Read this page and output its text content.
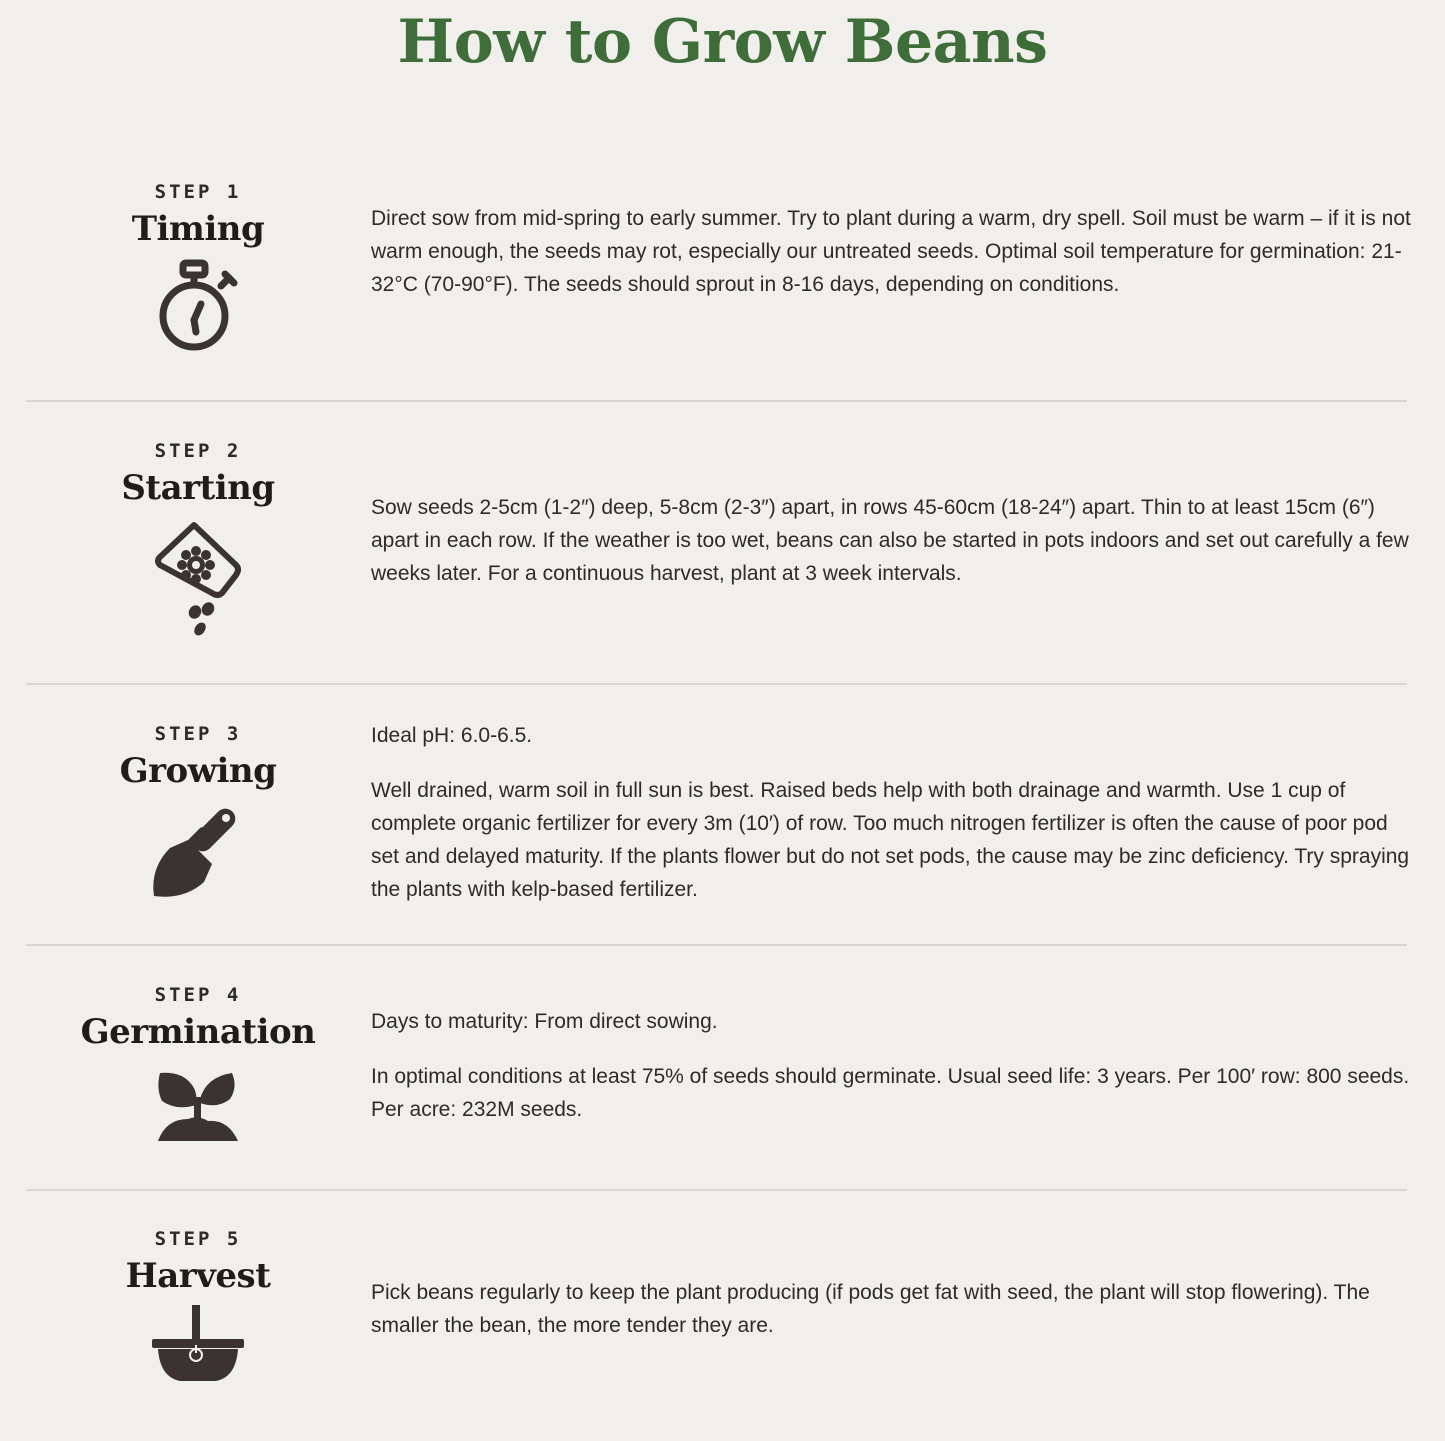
How to Grow Beans
STEP 1
Timing	Direct sow from mid-spring to early summer. Try to plant during a warm, dry spell. Soil must be warm – if it is not warm enough, the seeds may rot, especially our untreated seeds. Optimal soil temperature for germination: 21-32°C (70-90°F). The seeds should sprout in 8-16 days, depending on conditions.

STEP 2
Starting	Sow seeds 2-5cm (1-2″) deep, 5-8cm (2-3″) apart, in rows 45-60cm (18-24″) apart. Thin to at least 15cm (6″) apart in each row. If the weather is too wet, beans can also be started in pots indoors and set out carefully a few weeks later. For a continuous harvest, plant at 3 week intervals.

STEP 3
Growing

Ideal pH: 6.0-6.5.

Well drained, warm soil in full sun is best. Raised beds help with both drainage and warmth. Use 1 cup of complete organic fertilizer for every 3m (10′) of row. Too much nitrogen fertilizer is often the cause of poor pod set and delayed maturity. If the plants flower but do not set pods, the cause may be zinc deficiency. Try spraying the plants with kelp-based fertilizer.

STEP 4
Germination	Days to maturity: From direct sowing.

In optimal conditions at least 75% of seeds should germinate. Usual seed life: 3 years. Per 100′ row: 800 seeds. Per acre: 232M seeds.

STEP 5
Harvest	Pick beans regularly to keep the plant producing (if pods get fat with seed, the plant will stop flowering). The smaller the bean, the more tender they are.
